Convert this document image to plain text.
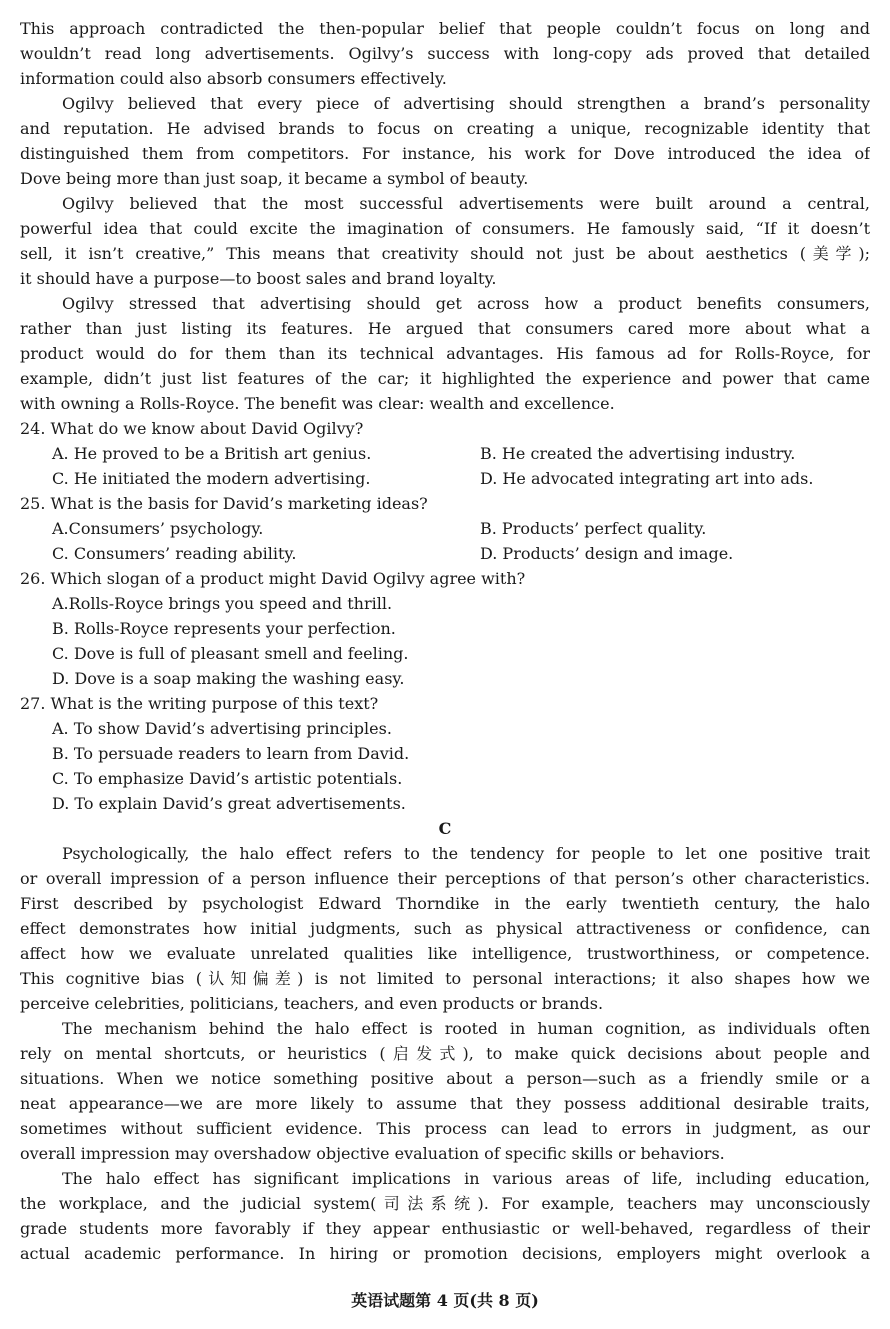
This approach contradicted the then-popular belief that people couldn’t focus on long and
wouldn’t read long advertisements. Ogilvy’s success with long-copy ads proved that detailed
information could also absorb consumers effectively.
Ogilvy believed that every piece of advertising should strengthen a brand’s personality
and reputation. He advised brands to focus on creating a unique, recognizable identity that
distinguished them from competitors. For instance, his work for Dove introduced the idea of
Dove being more than just soap, it became a symbol of beauty.
Ogilvy believed that the most successful advertisements were built around a central,
powerful idea that could excite the imagination of consumers. He famously said, “If it doesn’t
sell, it isn’t creative,” This means that creativity should not just be about aesthetics (美学);
it should have a purpose—to boost sales and brand loyalty.
Ogilvy stressed that advertising should get across how a product benefits consumers,
rather than just listing its features. He argued that consumers cared more about what a
product would do for them than its technical advantages. His famous ad for Rolls-Royce, for
example, didn’t just list features of the car; it highlighted the experience and power that came
with owning a Rolls-Royce. The benefit was clear: wealth and excellence.
24. What do we know about David Ogilvy?
A. He proved to be a British art genius.	B. He created the advertising industry.
C. He initiated the modern advertising.	D. He advocated integrating art into ads.
25. What is the basis for David’s marketing ideas?
A.Consumers’ psychology.	B. Products’ perfect quality.
C. Consumers’ reading ability.	D. Products’ design and image.
26. Which slogan of a product might David Ogilvy agree with?
A.Rolls-Royce brings you speed and thrill.
B. Rolls-Royce represents your perfection.
C. Dove is full of pleasant smell and feeling.
D. Dove is a soap making the washing easy.
27. What is the writing purpose of this text?
A. To show David’s advertising principles.
B. To persuade readers to learn from David.
C. To emphasize David’s artistic potentials.
D. To explain David’s great advertisements.
C
Psychologically, the halo effect refers to the tendency for people to let one positive trait
or overall impression of a person influence their perceptions of that person’s other characteristics.
First described by psychologist Edward Thorndike in the early twentieth century, the halo
effect demonstrates how initial judgments, such as physical attractiveness or confidence, can
affect how we evaluate unrelated qualities like intelligence, trustworthiness, or competence.
This cognitive bias (认知偏差) is not limited to personal interactions; it also shapes how we
perceive celebrities, politicians, teachers, and even products or brands.
The mechanism behind the halo effect is rooted in human cognition, as individuals often
rely on mental shortcuts, or heuristics (启发式), to make quick decisions about people and
situations. When we notice something positive about a person—such as a friendly smile or a
neat appearance—we are more likely to assume that they possess additional desirable traits,
sometimes without sufficient evidence. This process can lead to errors in judgment, as our
overall impression may overshadow objective evaluation of specific skills or behaviors.
The halo effect has significant implications in various areas of life, including education,
the workplace, and the judicial system(司法系统). For example, teachers may unconsciously
grade students more favorably if they appear enthusiastic or well-behaved, regardless of their
actual academic performance. In hiring or promotion decisions, employers might overlook a
英语试题第 4 页(共 8 页)
